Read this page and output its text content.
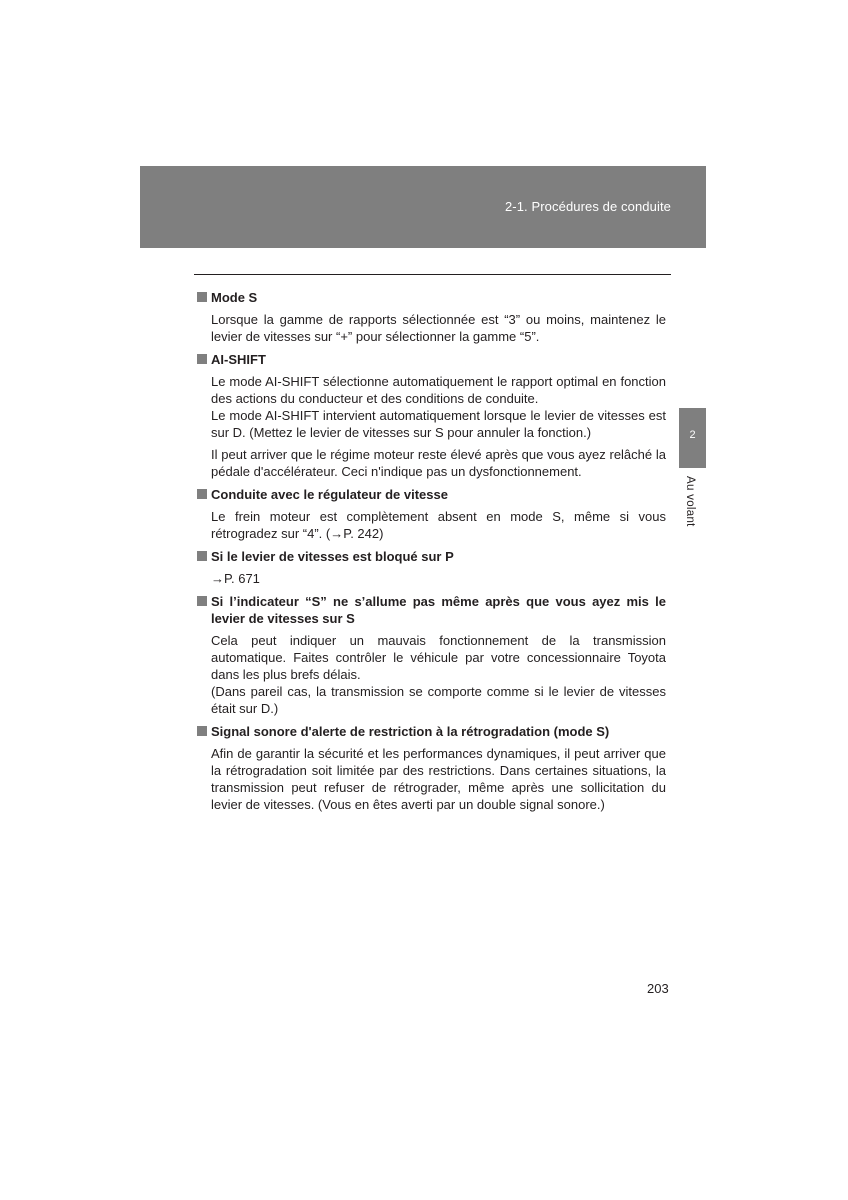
2-1. Procédures de conduite
2
Au volant
Mode S

Lorsque la gamme de rapports sélectionnée est “3” ou moins, maintenez le levier de vitesses sur “+” pour sélectionner la gamme “5”.

AI-SHIFT

Le mode AI-SHIFT sélectionne automatiquement le rapport optimal en fonction des actions du conducteur et des conditions de conduite.

Le mode AI-SHIFT intervient automatiquement lorsque le levier de vitesses est sur D. (Mettez le levier de vitesses sur S pour annuler la fonction.)

Il peut arriver que le régime moteur reste élevé après que vous ayez relâché la pédale d'accélérateur. Ceci n'indique pas un dysfonctionnement.

Conduite avec le régulateur de vitesse

Le frein moteur est complètement absent en mode S, même si vous rétrogradez sur “4”. (→P. 242)

Si le levier de vitesses est bloqué sur P

→P. 671

Si l’indicateur “S” ne s’allume pas même après que vous ayez mis le levier de vitesses sur S

Cela peut indiquer un mauvais fonctionnement de la transmission automatique. Faites contrôler le véhicule par votre concessionnaire Toyota dans les plus brefs délais.

(Dans pareil cas, la transmission se comporte comme si le levier de vitesses était sur D.)

Signal sonore d'alerte de restriction à la rétrogradation (mode S)

Afin de garantir la sécurité et les performances dynamiques, il peut arriver que la rétrogradation soit limitée par des restrictions. Dans certaines situations, la transmission peut refuser de rétrograder, même après une sollicitation du levier de vitesses. (Vous en êtes averti par un double signal sonore.)

203
